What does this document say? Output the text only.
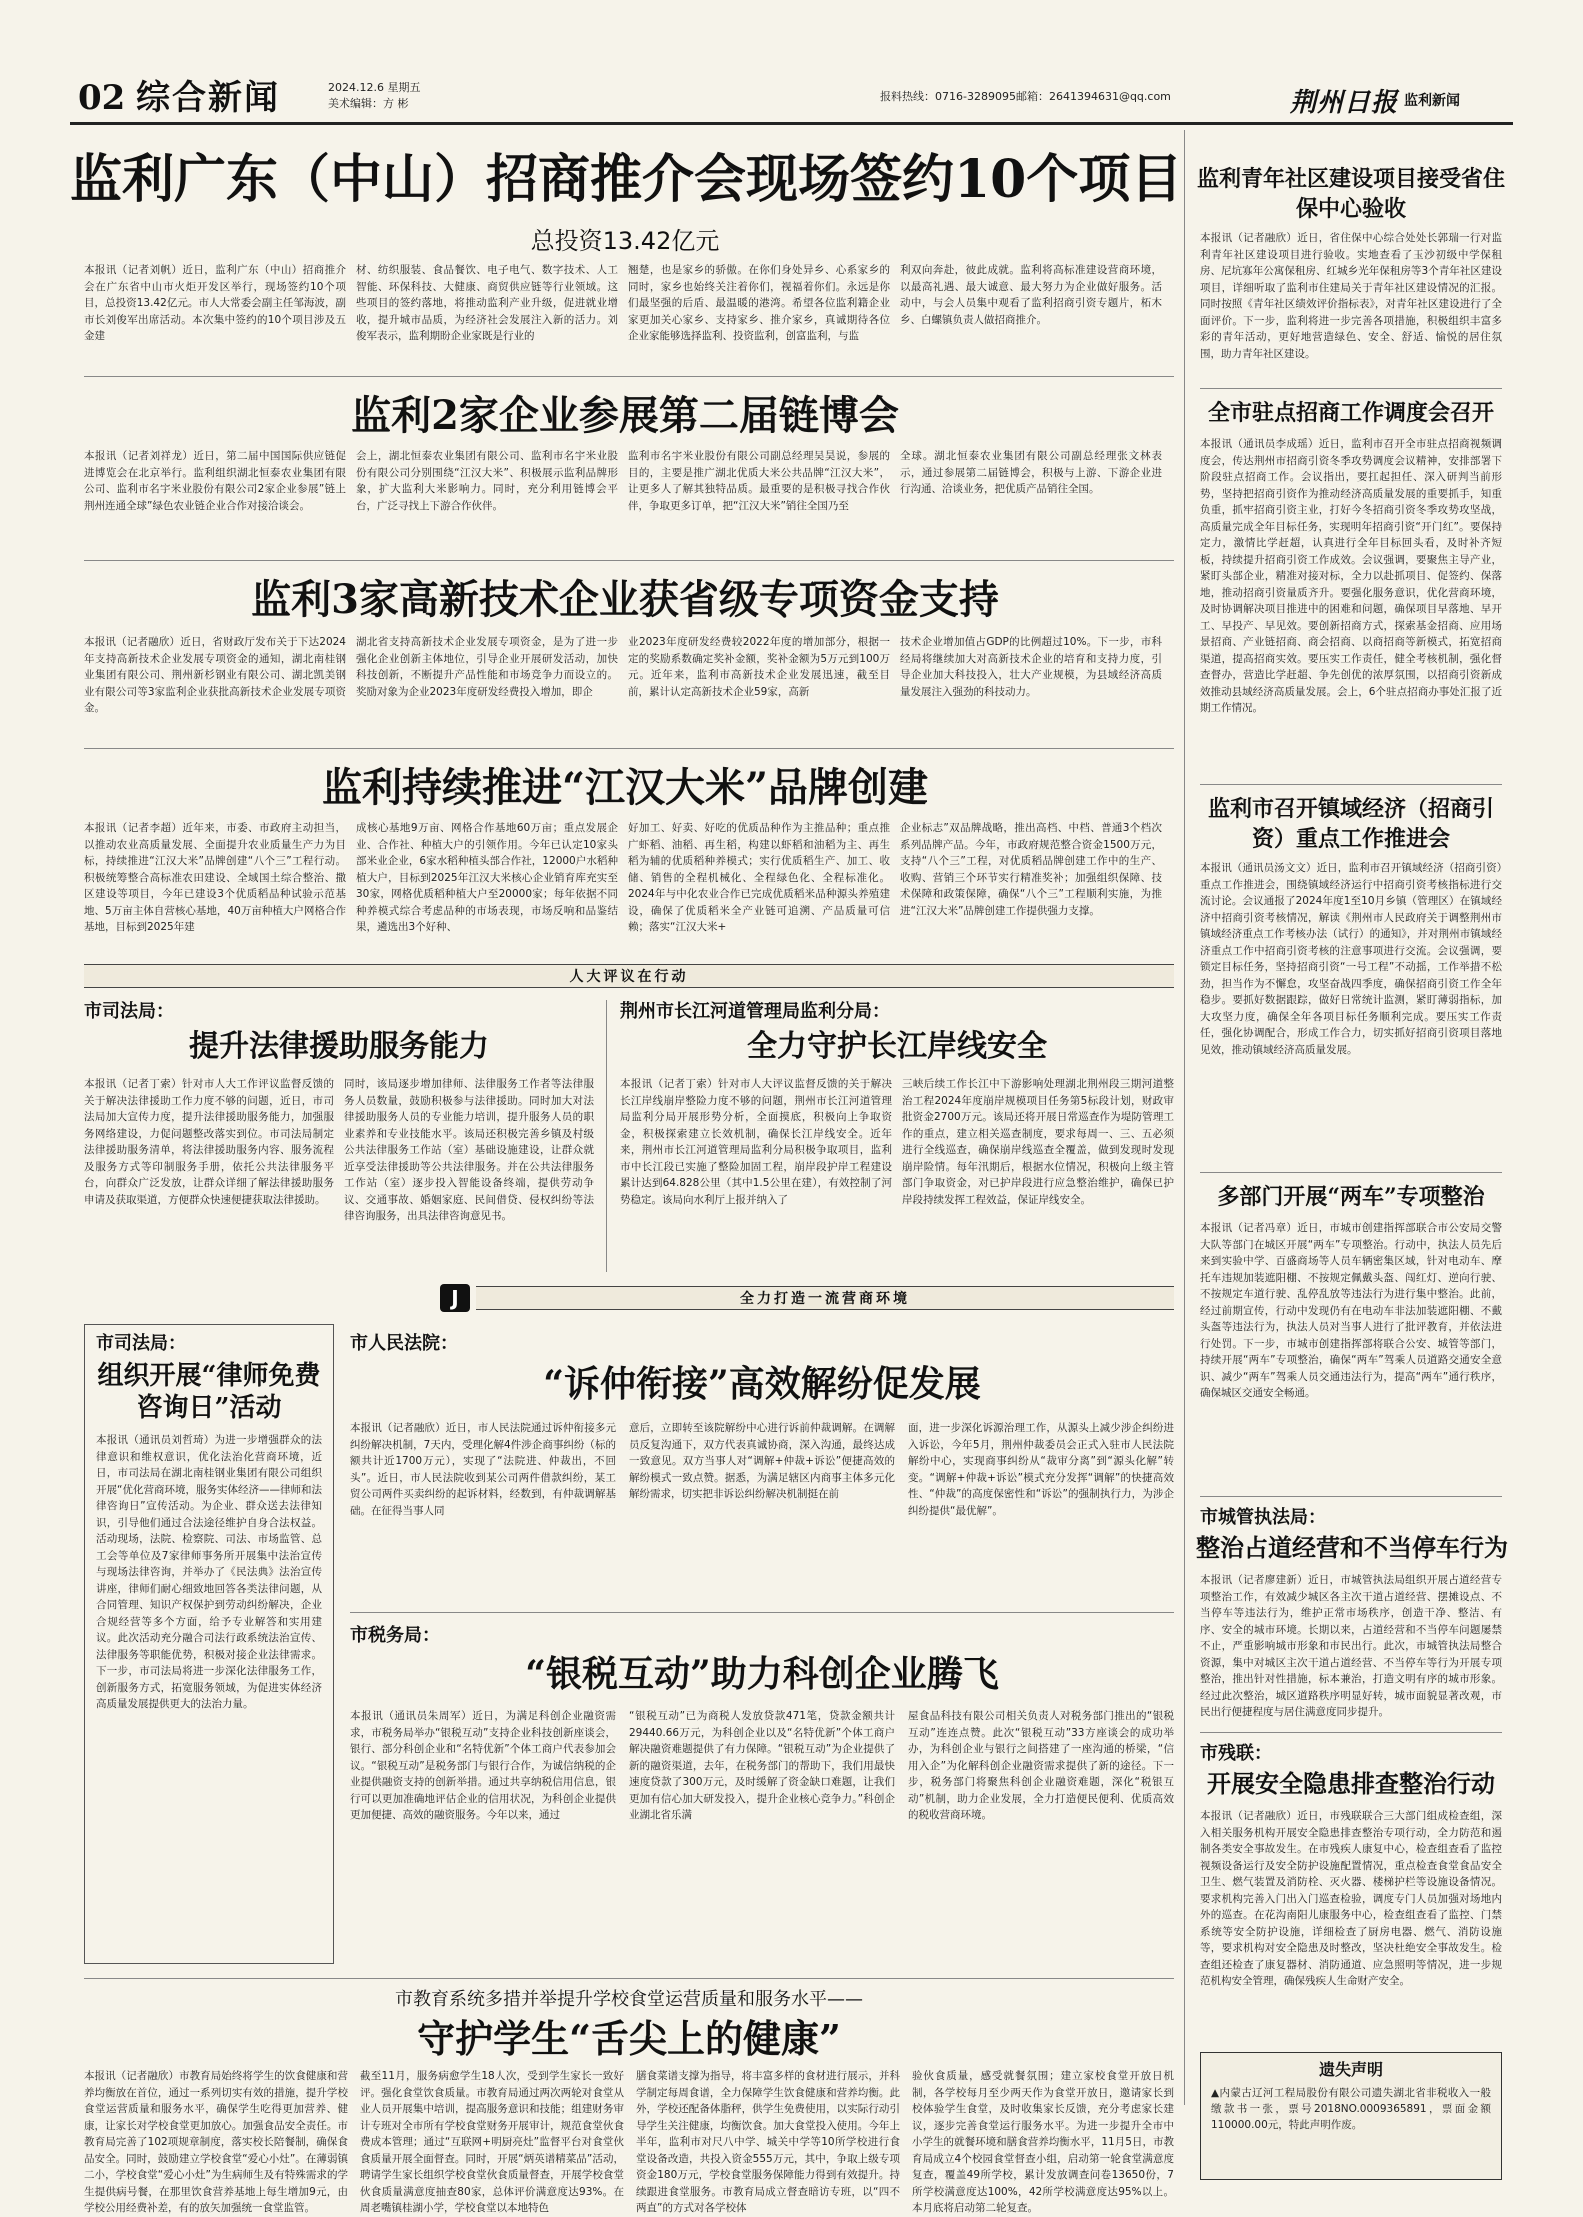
02 综合新闻	2024.12.6 星期五
美术编辑：方 彬
报料热线：0716-3289095邮箱：2641394631@qq.com	荆州日报 监利新闻
监利广东（中山）招商推介会现场签约10个项目
总投资13.42亿元
本报讯（记者刘帆）近日，监利广东（中山）招商推介会在广东省中山市火炬开发区举行，现场签约10个项目，总投资13.42亿元。市人大常委会副主任邹海波，副市长刘俊军出席活动。本次集中签约的10个项目涉及五金建
材、纺织服装、食品餐饮、电子电气、数字技术、人工智能、环保科技、大健康、商贸供应链等行业领域。这些项目的签约落地，将推动监利产业升级，促进就业增收，提升城市品质，为经济社会发展注入新的活力。刘俊军表示，监利期盼企业家既是行业的
翘楚，也是家乡的骄傲。在你们身处异乡、心系家乡的同时，家乡也始终关注着你们，视福着你们。永远是你们最坚强的后盾、最温暖的港湾。希望各位监利籍企业家更加关心家乡、支持家乡、推介家乡，真诚期待各位企业家能够选择监利、投资监利，创富监利，与监
利双向奔赴，彼此成就。监利将高标准建设营商环境，以最高礼遇、最大诚意、最大努力为企业做好服务。活动中，与会人员集中观看了监利招商引资专题片，柘木乡、白螺镇负责人做招商推介。
监利2家企业参展第二届链博会
本报讯（记者刘祥龙）近日，第二届中国国际供应链促进博览会在北京举行。监利组织湖北恒泰农业集团有限公司、监利市名宇米业股份有限公司2家企业参展”链上荆州连通全球”绿色农业链企业合作对接洽谈会。
会上，湖北恒泰农业集团有限公司、监利市名宇米业股份有限公司分别围绕“江汉大米”、积极展示监利品牌形象，扩大监利大米影响力。同时，充分利用链博会平台，广泛寻找上下游合作伙伴。
监利市名宇米业股份有限公司副总经理吴昊说，参展的目的，主要是推广湖北优质大米公共品牌“江汉大米”，让更多人了解其独特品质。最重要的是积极寻找合作伙伴，争取更多订单，把“江汉大米”销往全国乃至
全球。湖北恒泰农业集团有限公司副总经理张文林表示，通过参展第二届链博会，积极与上游、下游企业进行沟通、洽谈业务，把优质产品销往全国。
监利3家高新技术企业获省级专项资金支持
本报讯（记者融欣）近日，省财政厅发布关于下达2024年支持高新技术企业发展专项资金的通知，湖北南桂钢业集团有限公司、荆州新杉钢业有限公司、湖北凯美钢业有限公司等3家监利企业获批高新技术企业发展专项资金。
湖北省支持高新技术企业发展专项资金，是为了进一步强化企业创新主体地位，引导企业开展研发活动，加快科技创新，不断提升产品性能和市场竞争力而设立的。奖励对象为企业2023年度研发经费投入增加，即企
业2023年度研发经费较2022年度的增加部分，根据一定的奖励系数确定奖补金额，奖补金额为5万元到100万元。近年来，监利市高新技术企业发展迅速，截至目前，累计认定高新技术企业59家，高新
技术企业增加值占GDP的比例超过10%。下一步，市科经局将继续加大对高新技术企业的培育和支持力度，引导企业加大科技投入，壮大产业规模，为县域经济高质量发展注入强劲的科技动力。
监利持续推进“江汉大米”品牌创建
本报讯（记者李超）近年来，市委、市政府主动担当，以推动农业高质量发展、全面提升农业质量生产力为目标，持续推进“江汉大米”品牌创建“八个三”工程行动。积极统筹整合高标准农田建设、全域国土综合整治、撒区建设等项目，今年已建设3个优质稻品种试验示范基地、5万亩主体自营核心基地，40万亩种植大户网格合作基地，目标到2025年建
成核心基地9万亩、网格合作基地60万亩；重点发展企业、合作社、种植大户的引领作用。今年已认定10家头部米业企业，6家水稻种植头部合作社，12000户水稻种植大户，目标到2025年江汉大米核心企业销育库充实至30家，网格优质稻种植大户至20000家；每年依据不同种养模式综合考虑品种的市场表现，市场反响和品鉴结果，遴选出3个好种、
好加工、好卖、好吃的优质品种作为主推品种；重点推广虾稻、油稻、再生稻，构建以虾稻和油稻为主、再生稻为辅的优质稻种养模式；实行优质稻生产、加工、收储、销售的全程机械化、全程绿色化、全程标准化。2024年与中化农业合作已完成优质稻米品种源头养殖建设，确保了优质稻米全产业链可追溯、产品质量可信赖；落实“江汉大米+
企业标志”双品牌战略，推出高档、中档、普通3个档次系列品牌产品。今年，市政府规范整合资金1500万元，支持“八个三”工程，对优质稻品牌创建工作中的生产、收购、营销三个环节实行精准奖补；加强组织保障、技术保障和政策保障，确保“八个三”工程顺利实施，为推进“江汉大米”品牌创建工作提供强力支撑。
人大评议在行动
市司法局：
提升法律援助服务能力
本报讯（记者丁索）针对市人大工作评议监督反馈的关于解决法律援助工作力度不够的问题，近日，市司法局加大宣传力度，提升法律援助服务能力，加强服务网络建设，力促问题整改落实到位。市司法局制定法律援助服务清单，将法律援助服务内容、服务流程及服务方式等印制服务手册，依托公共法律服务平台，向群众广泛发放，让群众详细了解法律援助服务申请及获取渠道，方便群众快速便捷获取法律援助。
同时，该局逐步增加律师、法律服务工作者等法律服务人员数量，鼓励积极参与法律援助。同时加大对法律援助服务人员的专业能力培训，提升服务人员的职业素养和专业技能水平。该局还积极完善乡镇及村级公共法律服务工作站（室）基础设施建设，让群众就近享受法律援助等公共法律服务。并在公共法律服务工作站（室）逐步投入智能设备终端，提供劳动争议、交通事故、婚姻家庭、民间借贷、侵权纠纷等法律咨询服务，出具法律咨询意见书。
荆州市长江河道管理局监利分局：
全力守护长江岸线安全
本报讯（记者丁索）针对市人大评议监督反馈的关于解决长江岸线崩岸整险力度不够的问题，荆州市长江河道管理局监利分局开展形势分析，全面摸底，积极向上争取资金，积极探索建立长效机制，确保长江岸线安全。近年来，荆州市长江河道管理局监利分局积极争取项目，监利市中长江段已实施了整险加固工程，崩岸段护岸工程建设累计达到64.828公里（其中1.5公里在建），有效控制了河势稳定。该局向水利厅上报并纳入了
三峡后续工作长江中下游影响处理湖北荆州段三期河道整治工程2024年度崩岸规模项目任务第5标段计划，财政审批资金2700万元。该局还将开展日常巡查作为堤防管理工作的重点，建立相关巡查制度，要求每周一、三、五必须进行全线巡查，确保崩岸线巡查全覆盖，做到发现时发现崩岸险情。每年汛期后，根据水位情况，积极向上级主管部门争取资金，对已护岸段进行应急整治维护，确保已护岸段持续发挥工程效益，保证岸线安全。
J	全力打造一流营商环境
市司法局：
组织开展“律师免费咨询日”活动
本报讯（通讯员刘哲琦）为进一步增强群众的法律意识和维权意识，优化法治化营商环境，近日，市司法局在湖北南桂钢业集团有限公司组织开展“优化营商环境，服务实体经济——律师和法律咨询日”宣传活动。为企业、群众送去法律知识，引导他们通过合法途径维护自身合法权益。活动现场，法院、检察院、司法、市场监管、总工会等单位及7家律师事务所开展集中法治宣传与现场法律咨询，并举办了《民法典》法治宣传讲座，律师们耐心细致地回答各类法律问题，从合同管理、知识产权保护到劳动纠纷解决，企业合规经营等多个方面，给予专业解答和实用建议。此次活动充分融合司法行政系统法治宣传、法律服务等职能优势，积极对接企业法律需求。下一步，市司法局将进一步深化法律服务工作，创新服务方式，拓宽服务领域，为促进实体经济高质量发展提供更大的法治力量。
市人民法院：
“诉仲衔接”高效解纷促发展
本报讯（记者融欣）近日，市人民法院通过诉仲衔接多元纠纷解决机制，7天内，受理化解4件涉企商事纠纷（标的额共计近1700万元），实现了“法院进、仲裁出，不回头”。近日，市人民法院收到某公司两件借款纠纷，某工贸公司两件买卖纠纷的起诉材料，经数到，有仲裁调解基础。在征得当事人同
意后，立即转至该院解纷中心进行诉前仲裁调解。在调解员反复沟通下，双方代表真诚协商，深入沟通，最终达成一致意见。双方当事人对“调解+仲裁+诉讼”便捷高效的解纷模式一致点赞。据悉，为满足辖区内商事主体多元化解纷需求，切实把非诉讼纠纷解决机制挺在前
面，进一步深化诉源治理工作，从源头上减少涉企纠纷进入诉讼，今年5月，荆州仲裁委员会正式入驻市人民法院解纷中心，实现商事纠纷从“裁审分离”到“源头化解”转变。“调解+仲裁+诉讼”模式充分发挥“调解”的快捷高效性、“仲裁”的高度保密性和“诉讼”的强制执行力，为涉企纠纷提供“最优解”。
市税务局：
“银税互动”助力科创企业腾飞
本报讯（通讯员朱周军）近日，为满足科创企业融资需求，市税务局举办“银税互动”支持企业科技创新座谈会，银行、部分科创企业和“名特优新”个体工商户代表参加会议。“银税互动”是税务部门与银行合作，为诚信纳税的企业提供融资支持的创新举措。通过共享纳税信用信息，银行可以更加准确地评估企业的信用状况，为科创企业提供更加便捷、高效的融资服务。今年以来，通过
“银税互动”已为商税人发放贷款471笔，贷款金额共计29440.66万元，为科创企业以及“名特优新”个体工商户解决融资难题提供了有力保障。“银税互动”为企业提供了新的融资渠道，去年，在税务部门的帮助下，我们用最快速度贷款了300万元，及时缓解了资金缺口难题，让我们更加有信心加大研发投入，提升企业核心竞争力。”科创企业湖北省乐满
屋食品科技有限公司相关负责人对税务部门推出的“银税互动”连连点赞。此次“银税互动”33方座谈会的成功举办，为科创企业与银行之间搭建了一座沟通的桥梁，“信用入企”为化解科创企业融资需求提供了新的途径。下一步，税务部门将聚焦科创企业融资难题，深化“税银互动”机制，助力企业发展，全力打造便民便利、优质高效的税收营商环境。
市教育系统多措并举提升学校食堂运营质量和服务水平——
守护学生“舌尖上的健康”
本报讯（记者融欣）市教育局始终将学生的饮食健康和营养均衡放在首位，通过一系列切实有效的措施，提升学校食堂运营质量和服务水平，确保学生吃得更加营养、健康，让家长对学校食堂更加放心。加强食品安全责任。市教育局完善了102项规章制度，落实校长陪餐制，确保食品安全。同时，鼓励建立学校食堂“爱心小灶”。在薄弱镇二小，学校食堂“爱心小灶”为生病师生及有特殊需求的学生提供病号餐，在那里饮食营养基地上每生增加9元，由学校公用经费补差，有的放矢加强统一食堂监管。
截至11月，服务病愈学生18人次，受到学生家长一致好评。强化食堂饮食质量。市教育局通过两次两轮对食堂从业人员开展集中培训，提高服务意识和技能；组建财务审计专班对全市所有学校食堂财务开展审计，规范食堂伙食费成本管理；通过“互联网+明厨亮灶”监督平台对食堂伙食质量开展全面督查。同时，开展“炳英谱精菜品”活动，聘请学生家长组织学校食堂伙食质量督查，开展学校食堂伙食质量满意度抽查80家，总体评价满意度达93%。在周老嘴镇桂湖小学，学校食堂以本地特色
膳食菜谱支撑为指导，将丰富多样的食材进行展示，并科学制定每周食谱，全力保障学生饮食健康和营养均衡。此外，学校还配备体脂秤，供学生免费使用，以实际行动引导学生关注健康，均衡饮食。加大食堂投入使用。今年上半年，监利市对尺八中学、城关中学等10所学校进行食堂设备改造，共投入资金555万元，其中，争取上级专项资金180万元，学校食堂服务保障能力得到有效提升。持续跟进食堂服务。市教育局成立督查暗访专班，以“四不两直”的方式对各学校体
验伙食质量，感受就餐氛围；建立家校食堂开放日机制，各学校每月至少两天作为食堂开放日，邀请家长到校体验学生食堂，及时收集家长反馈，充分考虑家长建议，逐步完善食堂运行服务水平。为进一步提升全市中小学生的就餐环境和膳食营养均衡水平，11月5日，市教育局成立4个校园食堂督查小组，启动第一轮食堂满意度复查，覆盖49所学校，累计发放调查问卷13650份，7所学校满意度达100%，42所学校满意度达95%以上。本月底将启动第二轮复查。
监利青年社区建设项目接受省住保中心验收
本报讯（记者融欣）近日，省住保中心综合处处长郭瑞一行对监利青年社区建设项目进行验收。实地查看了玉沙初级中学保租房、尼坑寡年公寓保租房、红城乡光年保租房等3个青年社区建设项目，详细听取了监利市住建局关于青年社区建设情况的汇报。同时按照《青年社区绩效评价指标表》，对青年社区建设进行了全面评价。下一步，监利将进一步完善各项措施，积极组织丰富多彩的青年活动，更好地营造绿色、安全、舒适、愉悦的居住氛围，助力青年社区建设。
全市驻点招商工作调度会召开
本报讯（通讯员李成瑶）近日，监利市召开全市驻点招商视频调度会，传达荆州市招商引资冬季攻势调度会议精神，安排部署下阶段驻点招商工作。会议指出，要扛起担任、深入研判当前形势，坚持把招商引资作为推动经济高质量发展的重要抓手，知重负重，抓牢招商引资主业，打好今冬招商引资冬季攻势攻坚战，高质量完成全年目标任务，实现明年招商引资“开门红”。要保持定力，激情比学赶超，认真进行全年目标回头看，及时补齐短板，持续提升招商引资工作成效。会议强调，要聚焦主导产业，紧盯头部企业，精准对接对标，全力以赴抓项目、促签约、保落地，推动招商引资量质齐升。要强化服务意识，优化营商环境，及时协调解决项目推进中的困难和问题，确保项目早落地、早开工、早投产、早见效。要创新招商方式，探索基金招商、应用场景招商、产业链招商、商会招商、以商招商等新模式，拓宽招商渠道，提高招商实效。要压实工作责任，健全考核机制，强化督查督办，营造比学赶超、争先创优的浓厚氛围，以招商引资新成效推动县域经济高质量发展。会上，6个驻点招商办事处汇报了近期工作情况。
监利市召开镇域经济（招商引资）重点工作推进会
本报讯（通讯员汤文文）近日，监利市召开镇域经济（招商引资）重点工作推进会，围绕镇域经济运行中招商引资考核指标进行交流讨论。会议通报了2024年度1至10月乡镇（管理区）在镇域经济中招商引资考核情况，解读《荆州市人民政府关于调整荆州市镇域经济重点工作考核办法（试行）的通知》，并对荆州市镇域经济重点工作中招商引资考核的注意事项进行交流。会议强调，要锁定目标任务，坚持招商引资“一号工程”不动摇，工作举措不松劲，担当作为不懈怠，攻坚奋战四季度，确保招商引资工作全年稳步。要抓好数据跟踪，做好日常统计监测，紧盯薄弱指标，加大攻坚力度，确保全年各项目标任务顺利完成。要压实工作责任，强化协调配合，形成工作合力，切实抓好招商引资项目落地见效，推动镇域经济高质量发展。
多部门开展“两车”专项整治
本报讯（记者冯章）近日，市城市创建指挥部联合市公安局交警大队等部门在城区开展“两车”专项整治。行动中，执法人员先后来到实验中学、百盛商场等人员车辆密集区域，针对电动车、摩托车违规加装遮阳棚、不按规定佩戴头盔、闯红灯、逆向行驶、不按规定车道行驶、乱停乱放等违法行为进行集中整治。此前，经过前期宣传，行动中发现仍有在电动车非法加装遮阳棚、不戴头盔等违法行为，执法人员对当事人进行了批评教育，并依法进行处罚。下一步，市城市创建指挥部将联合公安、城管等部门，持续开展“两车”专项整治，确保“两车”驾乘人员道路交通安全意识、减少“两车”驾乘人员交通违法行为，提高“两车”通行秩序，确保城区交通安全畅通。
市城管执法局：
整治占道经营和不当停车行为
本报讯（记者廖建新）近日，市城管执法局组织开展占道经营专项整治工作，有效减少城区各主次干道占道经营、摆摊设点、不当停车等违法行为，维护正常市场秩序，创造干净、整洁、有序、安全的城市环境。长期以来，占道经营和不当停车问题屡禁不止，严重影响城市形象和市民出行。此次，市城管执法局整合资源，集中对城区主次干道占道经营、不当停车等行为开展专项整治，推出针对性措施，标本兼治，打造文明有序的城市形象。经过此次整治，城区道路秩序明显好转，城市面貌显著改观，市民出行便捷程度与居住满意度同步提升。
市残联：
开展安全隐患排查整治行动
本报讯（记者融欣）近日，市残联联合三大部门组成检查组，深入相关服务机构开展安全隐患排查整治专项行动，全力防范和遏制各类安全事故发生。在市残疾人康复中心，检查组查看了监控视频设备运行及安全防护设施配置情况，重点检查食堂食品安全卫生、燃气装置及消防栓、灭火器、楼梯护栏等设施设备情况。要求机构完善入门出入门巡查检验，调度专门人员加强对场地内外的巡查。在花沟南阳儿康服务中心，检查组查看了监控、门禁系统等安全防护设施，详细检查了厨房电器、燃气、消防设施等，要求机构对安全隐患及时整改，坚决杜绝安全事故发生。检查组还检查了康复器材、消防通道、应急照明等情况，进一步规范机构安全管理，确保残疾人生命财产安全。
遗失声明
▲内蒙古辽河工程局股份有限公司遗失湖北省非税收入一般缴款书一张，票号2018NO.0009365891，票面金额110000.00元，特此声明作废。
